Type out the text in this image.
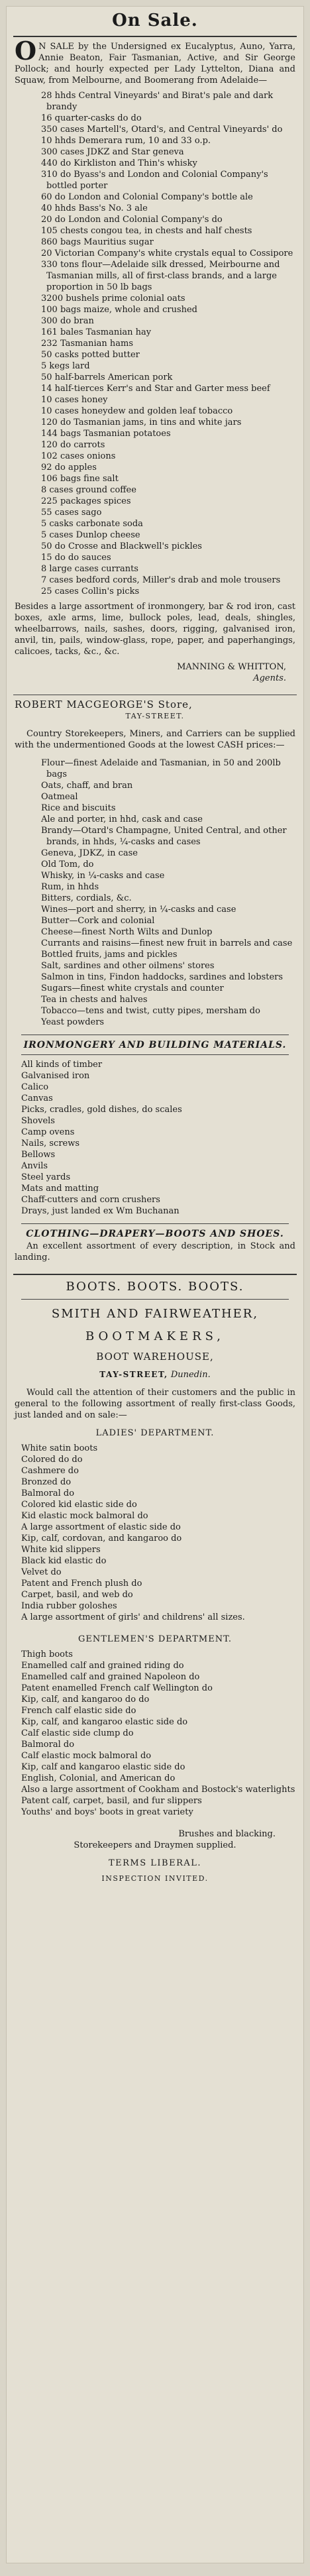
On Sale.
O N SALE by the Undersigned ex Eucalyptus, Auno, Yarra, Annie Beaton, Fair Tasmanian, Active, and Sir George Pollock; and hourly expected per Lady Lyttelton, Diana and Squaw, from Melbourne, and Boomerang from Adelaide—
28 hhds Central Vineyards' and Birat's pale and dark brandy
16 quarter-casks do do
350 cases Martell's, Otard's, and Central Vineyards' do
10 hhds Demerara rum, 10 and 33 o.p.
300 cases JDKZ and Star geneva
440 do Kirkliston and Thin's whisky
310 do Byass's and London and Colonial Company's bottled porter
60 do London and Colonial Company's bottle ale
40 hhds Bass's No. 3 ale
20 do London and Colonial Company's do
105 chests congou tea, in chests and half chests
860 bags Mauritius sugar
20 Victorian Company's white crystals equal to Cossipore
330 tons flour—Adelaide silk dressed, Meirbourne and Tasmanian mills, all of first-class brands, and a large proportion in 50 lb bags
3200 bushels prime colonial oats
100 bags maize, whole and crushed
300 do bran
161 bales Tasmanian hay
232 Tasmanian hams
50 casks potted butter
5 kegs lard
50 half-barrels American pork
14 half-tierces Kerr's and Star and Garter mess beef
10 cases honey
10 cases honeydew and golden leaf tobacco
120 do Tasmanian jams, in tins and white jars
144 bags Tasmanian potatoes
120 do carrots
102 cases onions
92 do apples
106 bags fine salt
8 cases ground coffee
225 packages spices
55 cases sago
5 casks carbonate soda
5 cases Dunlop cheese
50 do Crosse and Blackwell's pickles
15 do do sauces
8 large cases currants
7 cases bedford cords, Miller's drab and mole trousers
25 cases Collin's picks
Besides a large assortment of ironmongery, bar & rod iron, cast boxes, axle arms, lime, bullock poles, lead, deals, shingles, wheelbarrows, nails, sashes, doors, rigging, galvanised iron, anvil, tin, pails, window-glass, rope, paper, and paperhangings, calicoes, tacks, &c., &c.
MANNING & WHITTON,
Agents.
ROBERT MACGEORGE'S Store,
TAY-STREET.
Country Storekeepers, Miners, and Carriers can be supplied with the undermentioned Goods at the lowest CASH prices:—
Flour—finest Adelaide and Tasmanian, in 50 and 200lb bags
Oats, chaff, and bran
Oatmeal
Rice and biscuits
Ale and porter, in hhd, cask and case
Brandy—Otard's Champagne, United Central, and other brands, in hhds, ¼-casks and cases
Geneva, JDKZ, in case
Old Tom, do
Whisky, in ¼-casks and case
Rum, in hhds
Bitters, cordials, &c.
Wines—port and sherry, in ¼-casks and case
Butter—Cork and colonial
Cheese—finest North Wilts and Dunlop
Currants and raisins—finest new fruit in barrels and case
Bottled fruits, jams and pickles
Salt, sardines and other oilmens' stores
Salmon in tins, Findon haddocks, sardines and lobsters
Sugars—finest white crystals and counter
Tea in chests and halves
Tobacco—tens and twist, cutty pipes, mersham do
Yeast powders
IRONMONGERY AND BUILDING MATERIALS.
All kinds of timber
Galvanised iron
Calico
Canvas
Picks, cradles, gold dishes, do scales
Shovels
Camp ovens
Nails, screws
Bellows
Anvils
Steel yards
Mats and matting
Chaff-cutters and corn crushers
Drays, just landed ex Wm Buchanan
CLOTHING—DRAPERY—BOOTS AND SHOES.
An excellent assortment of every description, in Stock and landing.
BOOTS. BOOTS. BOOTS.
SMITH AND FAIRWEATHER,
BOOTMAKERS,
BOOT WAREHOUSE,
TAY-STREET, Dunedin.
Would call the attention of their customers and the public in general to the following assortment of really first-class Goods, just landed and on sale:—
LADIES' DEPARTMENT.
White satin boots
Colored do do
Cashmere do
Bronzed do
Balmoral do
Colored kid elastic side do
Kid elastic mock balmoral do
A large assortment of elastic side do
Kip, calf, cordovan, and kangaroo do
White kid slippers
Black kid elastic do
Velvet do
Patent and French plush do
Carpet, basil, and web do
India rubber goloshes
A large assortment of girls' and childrens' all sizes.
GENTLEMEN'S DEPARTMENT.
Thigh boots
Enamelled calf and grained riding do
Enamelled calf and grained Napoleon do
Patent enamelled French calf Wellington do
Kip, calf, and kangaroo do do
French calf elastic side do
Kip, calf, and kangaroo elastic side do
Calf elastic side clump do
Balmoral do
Calf elastic mock balmoral do
Kip, calf and kangaroo elastic side do
English, Colonial, and American do
Also a large assortment of Cookham and Bostock's waterlights
Patent calf, carpet, basil, and fur slippers
Youths' and boys' boots in great variety
Brushes and blacking.
Storekeepers and Draymen supplied.
TERMS LIBERAL.
INSPECTION INVITED.
